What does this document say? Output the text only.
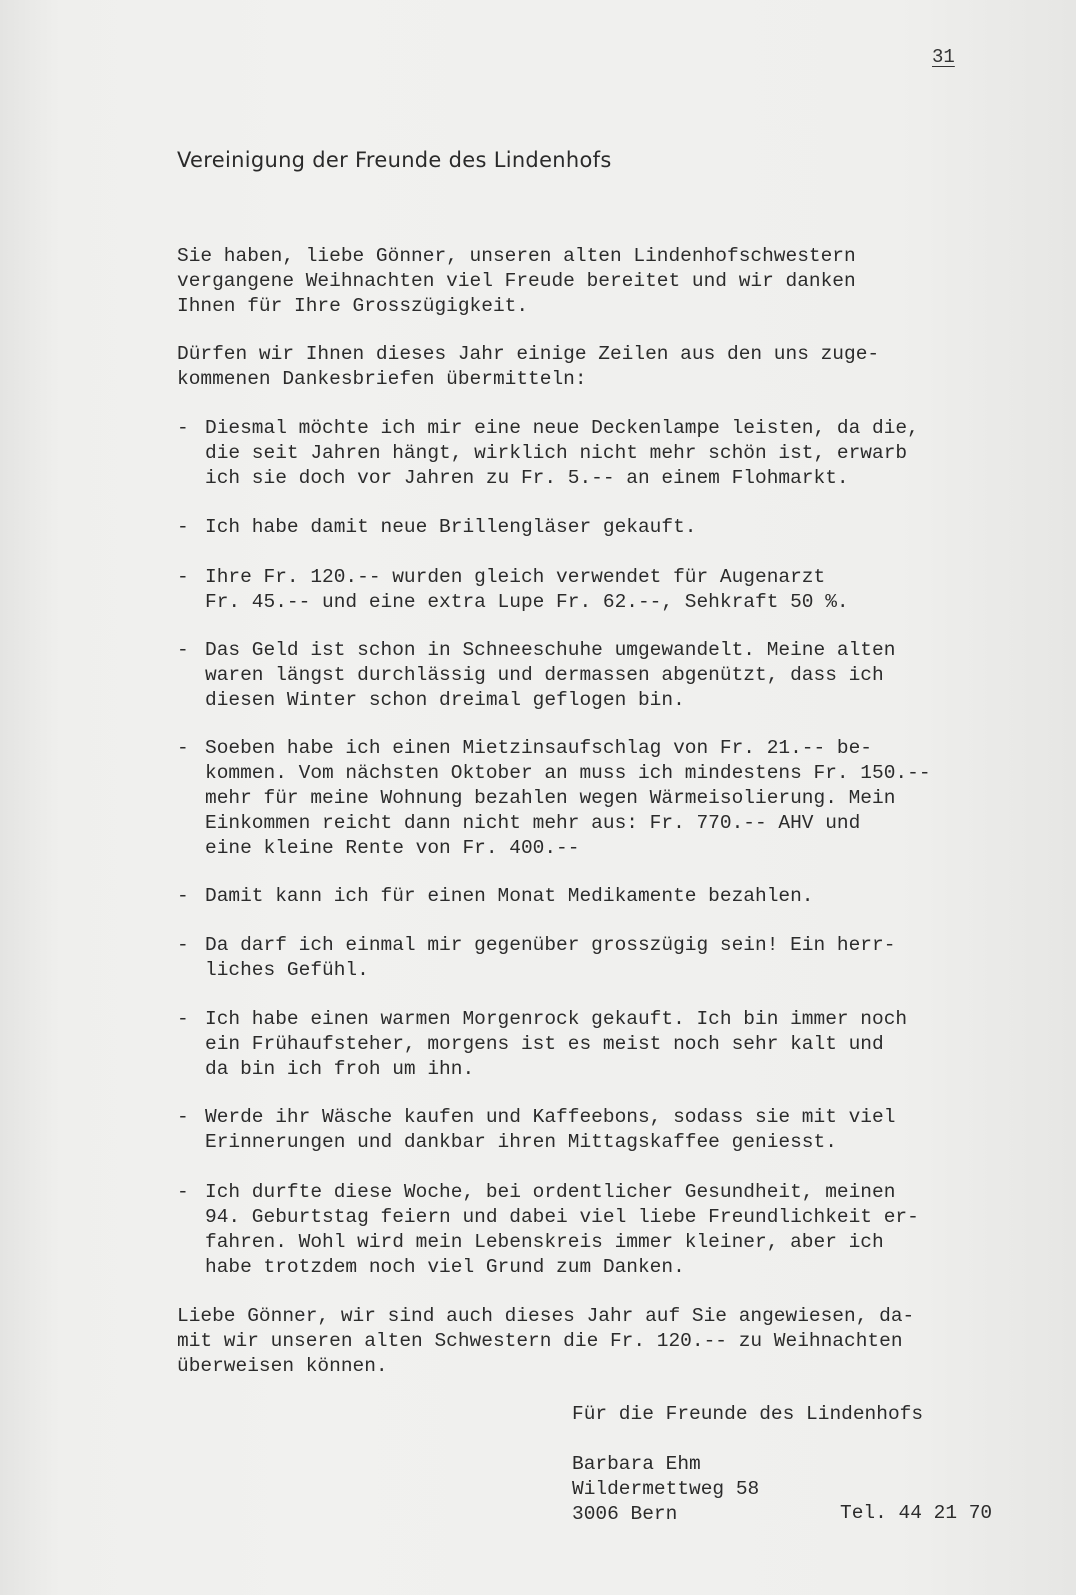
31
Vereinigung der Freunde des Lindenhofs

Sie haben, liebe Gönner, unseren alten Lindenhofschwestern
vergangene Weihnachten viel Freude bereitet und wir danken
Ihnen für Ihre Grosszügigkeit.

Dürfen wir Ihnen dieses Jahr einige Zeilen aus den uns zuge-
kommenen Dankesbriefen übermitteln:

-

Diesmal möchte ich mir eine neue Deckenlampe leisten, da die,
die seit Jahren hängt, wirklich nicht mehr schön ist, erwarb
ich sie doch vor Jahren zu Fr. 5.-- an einem Flohmarkt.

-

Ich habe damit neue Brillengläser gekauft.

-

Ihre Fr. 120.-- wurden gleich verwendet für Augenarzt
Fr. 45.-- und eine extra Lupe Fr. 62.--, Sehkraft 50 %.

-

Das Geld ist schon in Schneeschuhe umgewandelt. Meine alten
waren längst durchlässig und dermassen abgenützt, dass ich
diesen Winter schon dreimal geflogen bin.

-

Soeben habe ich einen Mietzinsaufschlag von Fr. 21.-- be-
kommen. Vom nächsten Oktober an muss ich mindestens Fr. 150.--
mehr für meine Wohnung bezahlen wegen Wärmeisolierung. Mein
Einkommen reicht dann nicht mehr aus: Fr. 770.-- AHV und
eine kleine Rente von Fr. 400.--

-

Damit kann ich für einen Monat Medikamente bezahlen.

-

Da darf ich einmal mir gegenüber grosszügig sein! Ein herr-
liches Gefühl.

-

Ich habe einen warmen Morgenrock gekauft. Ich bin immer noch
ein Frühaufsteher, morgens ist es meist noch sehr kalt und
da bin ich froh um ihn.

-

Werde ihr Wäsche kaufen und Kaffeebons, sodass sie mit viel
Erinnerungen und dankbar ihren Mittagskaffee geniesst.

-

Ich durfte diese Woche, bei ordentlicher Gesundheit, meinen
94. Geburtstag feiern und dabei viel liebe Freundlichkeit er-
fahren. Wohl wird mein Lebenskreis immer kleiner, aber ich
habe trotzdem noch viel Grund zum Danken.

Liebe Gönner, wir sind auch dieses Jahr auf Sie angewiesen, da-
mit wir unseren alten Schwestern die Fr. 120.-- zu Weihnachten
überweisen können.

Für die Freunde des Lindenhofs
Barbara Ehm
Wildermettweg 58
3006 Bern	Tel. 44 21 70
